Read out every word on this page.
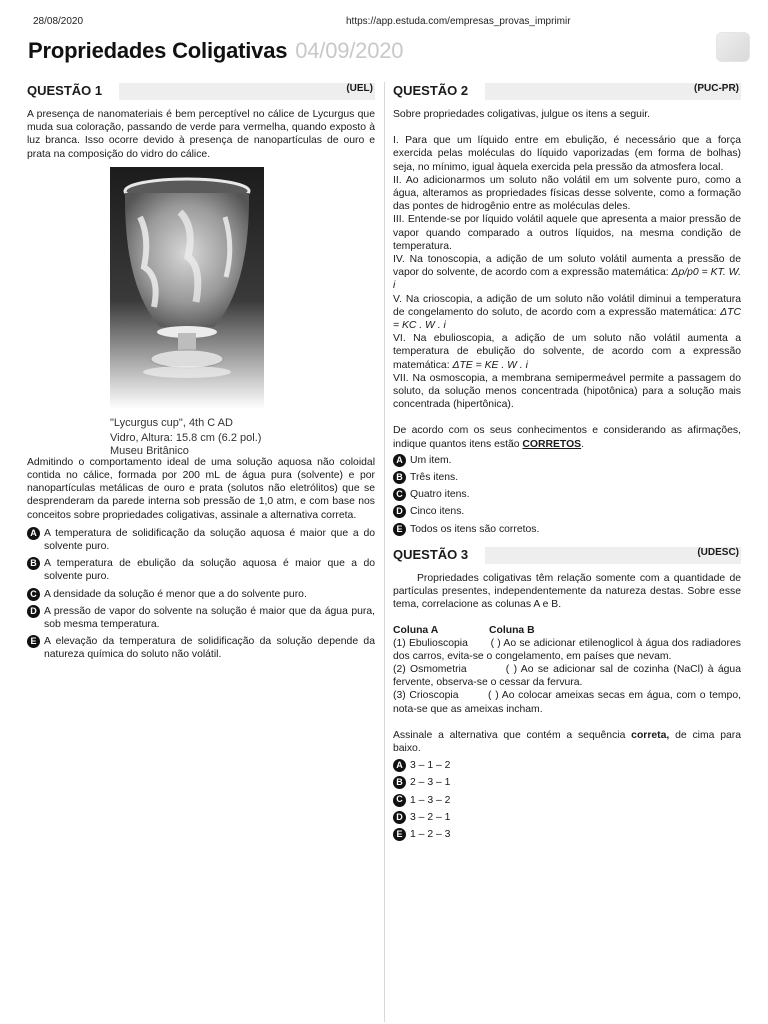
28/08/2020	https://app.estuda.com/empresas_provas_imprimir
Propriedades Coligativas 04/09/2020
QUESTÃO 1	(UEL)

A presença de nanomateriais é bem perceptível no cálice de Lycurgus que muda sua coloração, passando de verde para vermelha, quando exposto à luz branca. Isso ocorre devido à presença de nanopartículas de ouro e prata na composição do vidro do cálice.

"Lycurgus cup", 4th C AD
Vidro, Altura: 15.8 cm (6.2 pol.)
Museu Britânico

Admitindo o comportamento ideal de uma solução aquosa não coloidal contida no cálice, formada por 200 mL de água pura (solvente) e por nanopartículas metálicas de ouro e prata (solutos não eletrólitos) que se desprenderam da parede interna sob pressão de 1,0 atm, e com base nos conceitos sobre propriedades coligativas, assinale a alternativa correta.

A A temperatura de solidificação da solução aquosa é maior que a do solvente puro.
B A temperatura de ebulição da solução aquosa é maior que a do solvente puro.
C A densidade da solução é menor que a do solvente puro.
D A pressão de vapor do solvente na solução é maior que da água pura, sob mesma temperatura.
E A elevação da temperatura de solidificação da solução depende da natureza química do soluto não volátil.
QUESTÃO 2	(PUC-PR)

Sobre propriedades coligativas, julgue os itens a seguir.

I. Para que um líquido entre em ebulição, é necessário que a força exercida pelas moléculas do líquido vaporizadas (em forma de bolhas) seja, no mínimo, igual àquela exercida pela pressão da atmosfera local.

II. Ao adicionarmos um soluto não volátil em um solvente puro, como a água, alteramos as propriedades físicas desse solvente, como a formação das pontes de hidrogênio entre as moléculas deles.

III. Entende-se por líquido volátil aquele que apresenta a maior pressão de vapor quando comparado a outros líquidos, na mesma condição de temperatura.

IV. Na tonoscopia, a adição de um soluto volátil aumenta a pressão de vapor do solvente, de acordo com a expressão matemática: Δp/p0 = KT. W. i

V. Na crioscopia, a adição de um soluto não volátil diminui a temperatura de congelamento do soluto, de acordo com a expressão matemática: ΔTC = KC . W . i

VI. Na ebulioscopia, a adição de um soluto não volátil aumenta a temperatura de ebulição do solvente, de acordo com a expressão matemática: ΔTE = KE . W . i

VII. Na osmoscopia, a membrana semipermeável permite a passagem do soluto, da solução menos concentrada (hipotônica) para a solução mais concentrada (hipertônica).

De acordo com os seus conhecimentos e considerando as afirmações, indique quantos itens estão CORRETOS.

A Um item.
B Três itens.
C Quatro itens.
D Cinco itens.
E Todos os itens são corretos.
QUESTÃO 3	(UDESC)

Propriedades coligativas têm relação somente com a quantidade de partículas presentes, independentemente da natureza destas. Sobre esse tema, correlacione as colunas A e B.

Coluna A	Coluna B

(1) Ebulioscopia       ( ) Ao se adicionar etilenoglicol à água dos radiadores dos carros, evita-se o congelamento, em países que nevam.

(2) Osmometria         ( ) Ao se adicionar sal de cozinha (NaCl) à água fervente, observa-se o cessar da fervura.

(3) Crioscopia        ( ) Ao colocar ameixas secas em água, com o tempo, nota-se que as ameixas incham.

Assinale a alternativa que contém a sequência correta, de cima para baixo.

A 3 – 1 – 2
B 2 – 3 – 1
C 1 – 3 – 2
D 3 – 2 – 1
E 1 – 2 – 3
